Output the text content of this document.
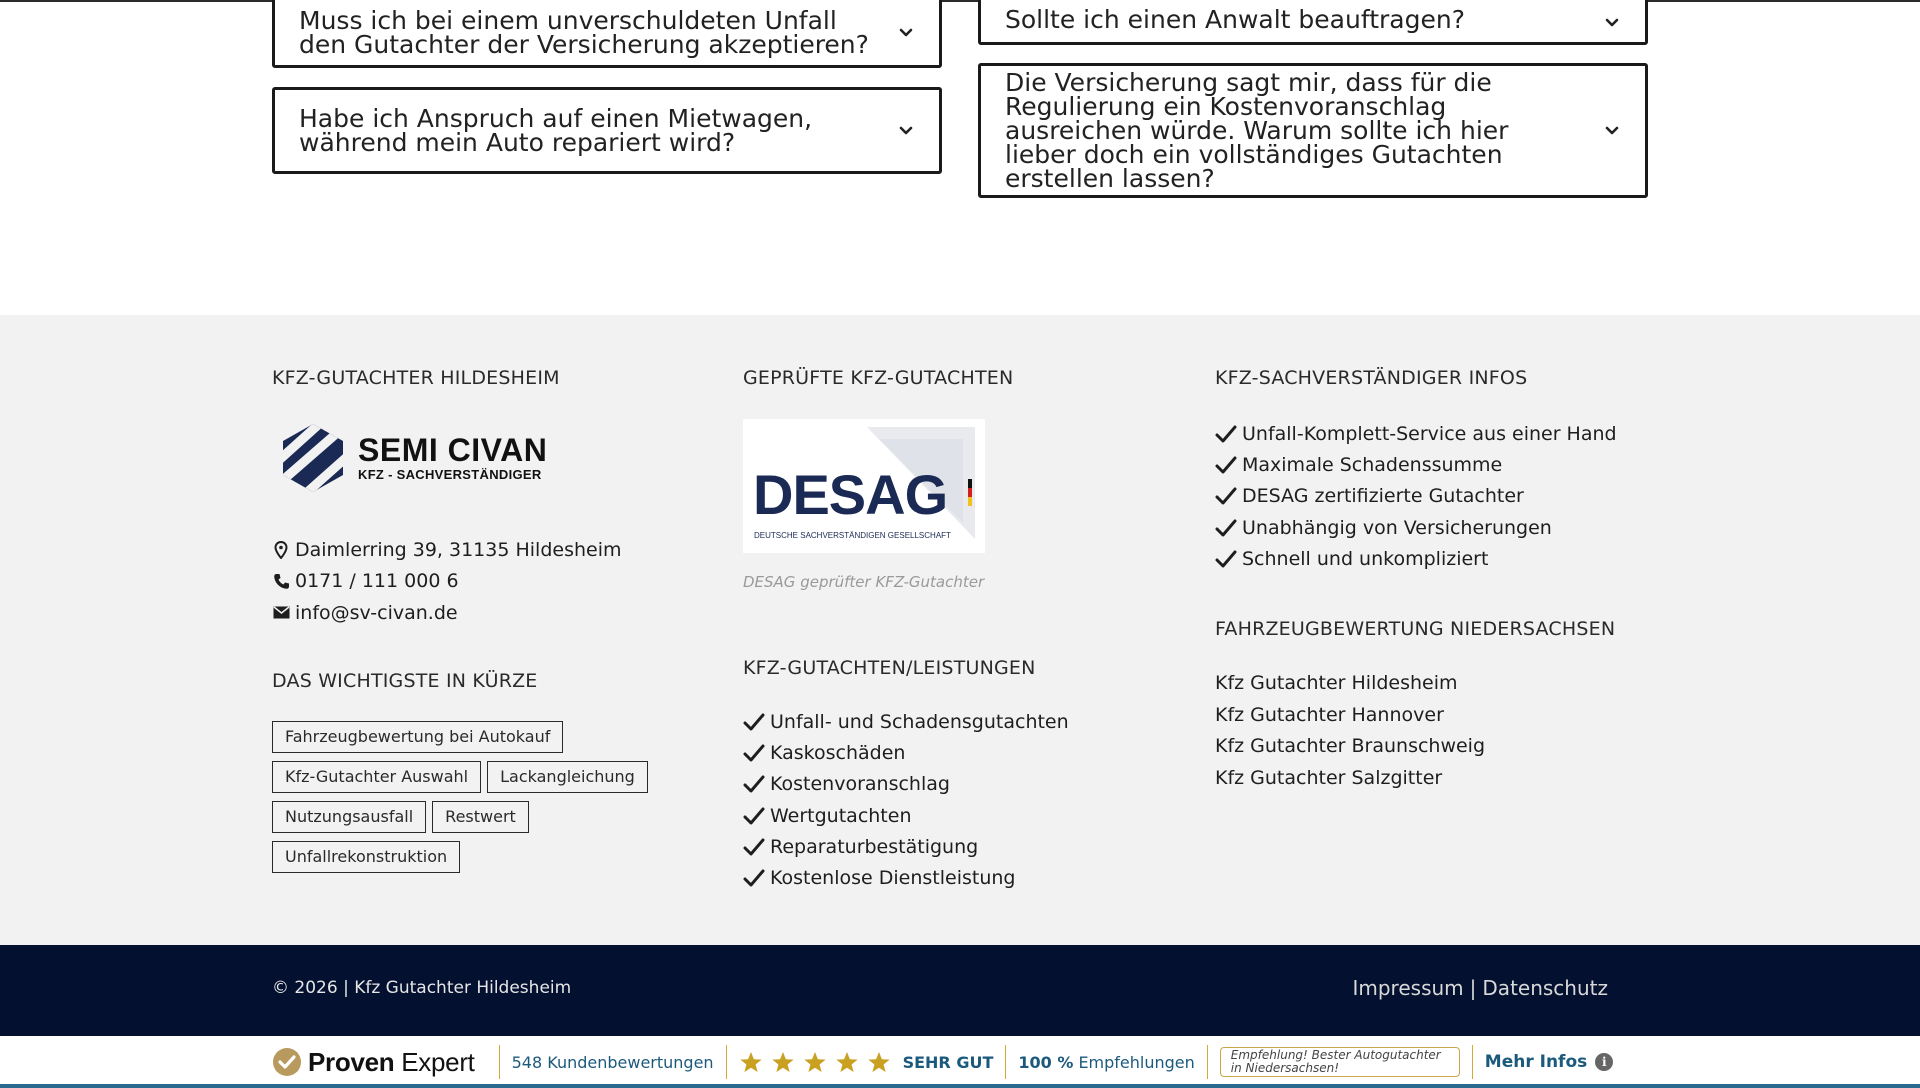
Muss ich bei einem unverschuldeten Unfall den Gutachter der Versicherung akzeptieren?
Sollte ich einen Anwalt beauftragen?
Habe ich Anspruch auf einen Mietwagen, während mein Auto repariert wird?
Die Versicherung sagt mir, dass für die Regulierung ein Kostenvoranschlag ausreichen würde. Warum sollte ich hier lieber doch ein vollständiges Gutachten erstellen lassen?
KFZ-GUTACHTER HILDESHEIM
SEMI CIVAN
KFZ - SACHVERSTÄNDIGER
Daimlerring 39, 31135 Hildesheim
0171 / 111 000 6
info@sv-civan.de
DAS WICHTIGSTE IN KÜRZE
Fahrzeugbewertung bei Autokauf
Kfz-Gutachter Auswahl	Lackangleichung
Nutzungsausfall	Restwert
Unfallrekonstruktion
GEPRÜFTE KFZ-GUTACHTEN
DESAG
DEUTSCHE SACHVERSTÄNDIGEN GESELLSCHAFT
DESAG geprüfter KFZ-Gutachter
KFZ-GUTACHTEN/LEISTUNGEN
Unfall- und Schadensgutachten
Kaskoschäden
Kostenvoranschlag
Wertgutachten
Reparaturbestätigung
Kostenlose Dienstleistung
KFZ-SACHVERSTÄNDIGER INFOS
Unfall-Komplett-Service aus einer Hand
Maximale Schadenssumme
DESAG zertifizierte Gutachter
Unabhängig von Versicherungen
Schnell und unkompliziert
FAHRZEUGBEWERTUNG NIEDERSACHSEN
Kfz Gutachter Hildesheim
Kfz Gutachter Hannover
Kfz Gutachter Braunschweig
Kfz Gutachter Salzgitter
© 2026 | Kfz Gutachter Hildesheim	Impressum | Datenschutz
Proven Expert 548 Kundenbewertungen	SEHR GUT 100 % Empfehlungen	Empfehlung! Bester Autogutachter in Niedersachsen!	Mehr Infos	i
